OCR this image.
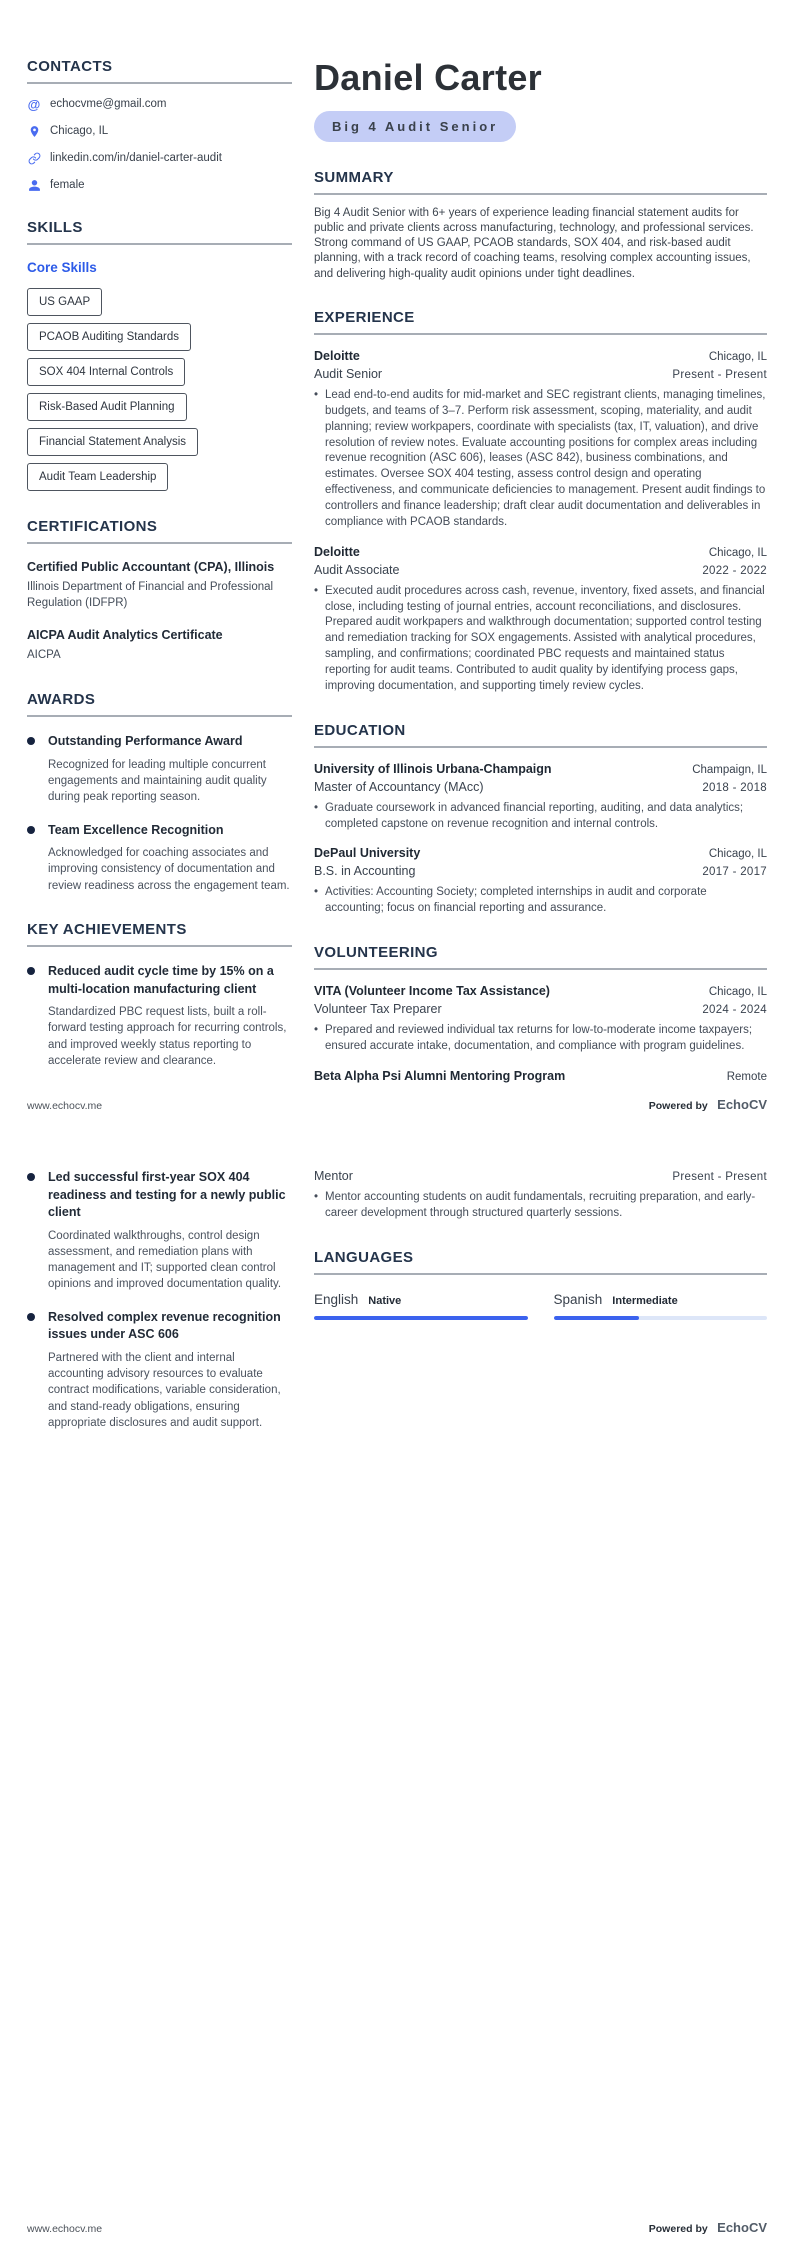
CONTACTS
@ echocvme@gmail.com
Chicago, IL
linkedin.com/in/daniel-carter-audit
female
SKILLS
Core Skills
US GAAP
PCAOB Auditing Standards
SOX 404 Internal Controls
Risk-Based Audit Planning
Financial Statement Analysis
Audit Team Leadership
CERTIFICATIONS
Certified Public Accountant (CPA), Illinois
Illinois Department of Financial and Professional Regulation (IDFPR)
AICPA Audit Analytics Certificate
AICPA
AWARDS
Outstanding Performance Award
Recognized for leading multiple concurrent engagements and maintaining audit quality during peak reporting season.
Team Excellence Recognition
Acknowledged for coaching associates and improving consistency of documentation and review readiness across the engagement team.
KEY ACHIEVEMENTS
Reduced audit cycle time by 15% on a multi-location manufacturing client
Standardized PBC request lists, built a roll-forward testing approach for recurring controls, and improved weekly status reporting to accelerate review and clearance.
Daniel Carter
Big 4 Audit Senior
SUMMARY

Big 4 Audit Senior with 6+ years of experience leading financial statement audits for public and private clients across manufacturing, technology, and professional services. Strong command of US GAAP, PCAOB standards, SOX 404, and risk-based audit planning, with a track record of coaching teams, resolving complex accounting issues, and delivering high-quality audit opinions under tight deadlines.

EXPERIENCE
Deloitte	Chicago, IL
Audit Senior	Present - Present
• Lead end-to-end audits for mid-market and SEC registrant clients, managing timelines, budgets, and teams of 3–7. Perform risk assessment, scoping, materiality, and audit planning; review workpapers, coordinate with specialists (tax, IT, valuation), and drive resolution of review notes. Evaluate accounting positions for complex areas including revenue recognition (ASC 606), leases (ASC 842), business combinations, and estimates. Oversee SOX 404 testing, assess control design and operating effectiveness, and communicate deficiencies to management. Present audit findings to controllers and finance leadership; draft clear audit documentation and deliverables in compliance with PCAOB standards.
Deloitte	Chicago, IL
Audit Associate	2022 - 2022
• Executed audit procedures across cash, revenue, inventory, fixed assets, and financial close, including testing of journal entries, account reconciliations, and disclosures. Prepared audit workpapers and walkthrough documentation; supported control testing and remediation tracking for SOX engagements. Assisted with analytical procedures, sampling, and confirmations; coordinated PBC requests and maintained status reporting for audit teams. Contributed to audit quality by identifying process gaps, improving documentation, and supporting timely review cycles.
EDUCATION
University of Illinois Urbana-Champaign	Champaign, IL
Master of Accountancy (MAcc)	2018 - 2018
• Graduate coursework in advanced financial reporting, auditing, and data analytics; completed capstone on revenue recognition and internal controls.
DePaul University	Chicago, IL
B.S. in Accounting	2017 - 2017
• Activities: Accounting Society; completed internships in audit and corporate accounting; focus on financial reporting and assurance.
VOLUNTEERING
VITA (Volunteer Income Tax Assistance)	Chicago, IL
Volunteer Tax Preparer	2024 - 2024
• Prepared and reviewed individual tax returns for low-to-moderate income taxpayers; ensured accurate intake, documentation, and compliance with program guidelines.
Beta Alpha Psi Alumni Mentoring Program	Remote
www.echocv.me	Powered by EchoCV
Led successful first-year SOX 404 readiness and testing for a newly public client
Coordinated walkthroughs, control design assessment, and remediation plans with management and IT; supported clean control opinions and improved documentation quality.
Resolved complex revenue recognition issues under ASC 606
Partnered with the client and internal accounting advisory resources to evaluate contract modifications, variable consideration, and stand-ready obligations, ensuring appropriate disclosures and audit support.
Mentor	Present - Present
• Mentor accounting students on audit fundamentals, recruiting preparation, and early-career development through structured quarterly sessions.
LANGUAGES
English Native	Spanish Intermediate
www.echocv.me	Powered by EchoCV
